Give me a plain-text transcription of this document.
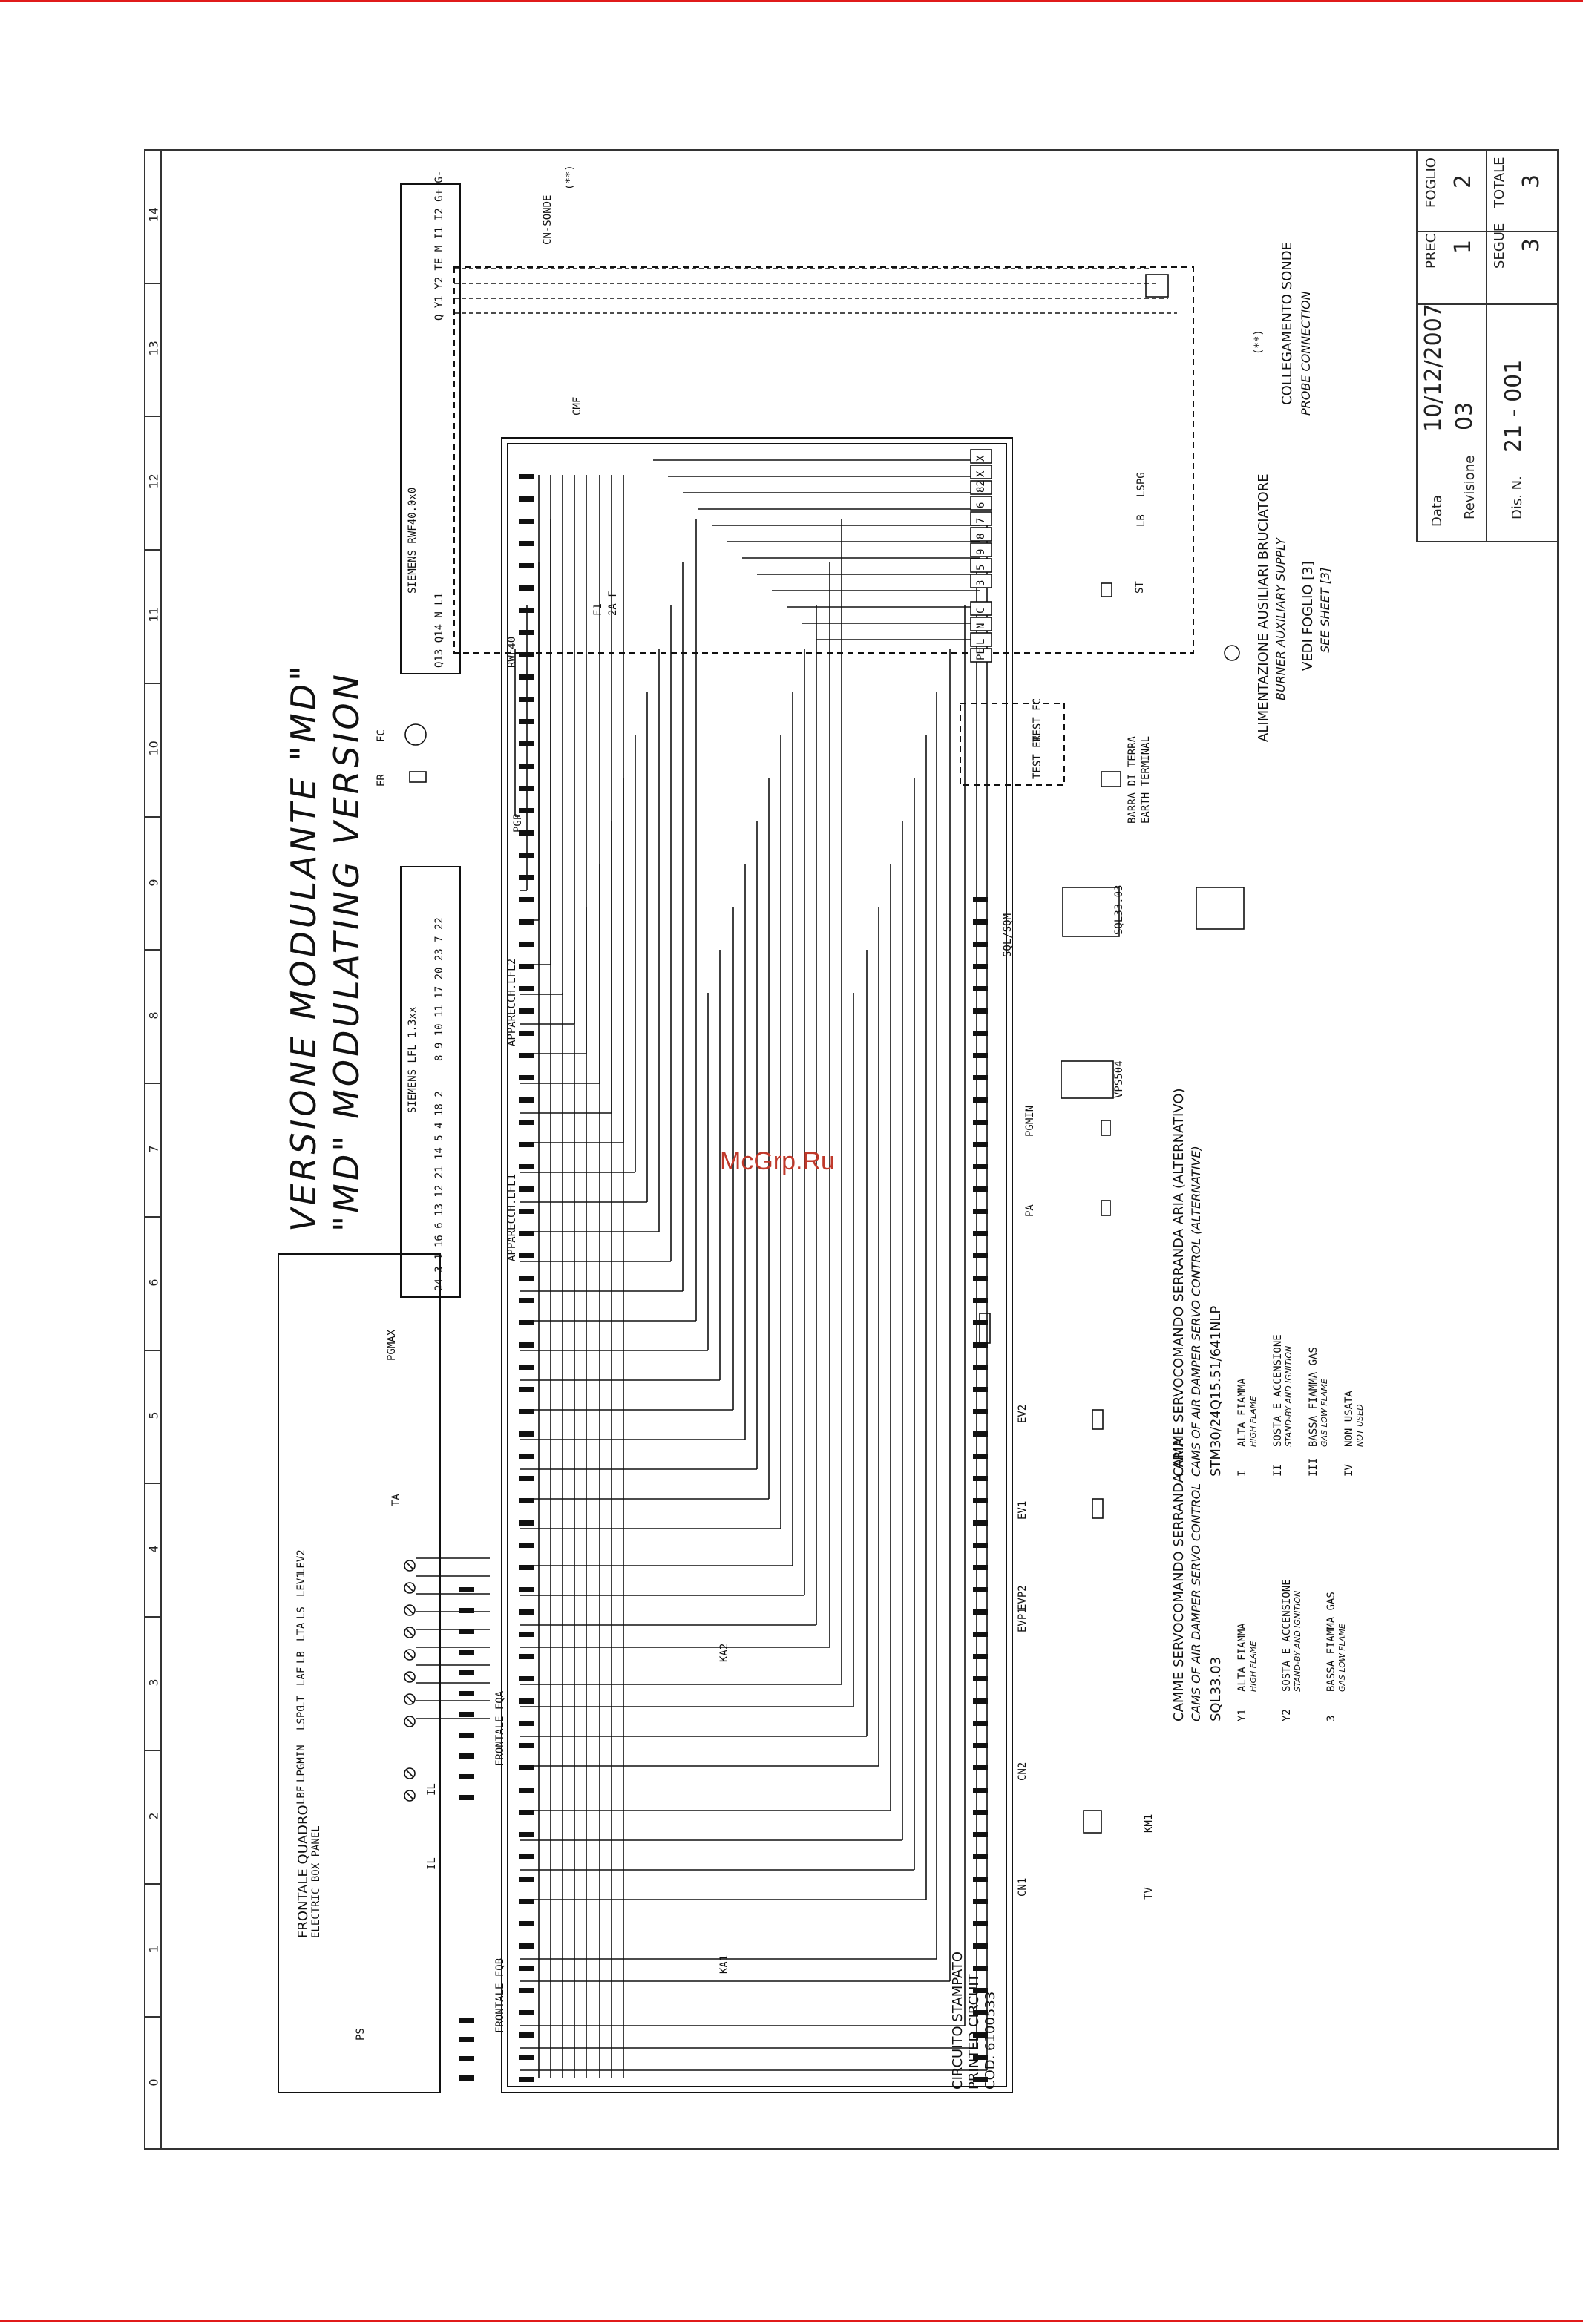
0
1
2
3
4
5
6
7
8
9
10
11
12
13
14
VERSIONE MODULANTE "MD" "MD" MODULATING VERSION
FRONTALE QUADRO ELECTRIC BOX PANEL
FRONTALE FQA
FRONTALE FQB	CIRCUITO STAMPATO PRINTED CIRCUIT COD. 6100533
SIEMENS RWF40.0x0
Q Y1 Y2 TE M I1 I2 G+ G-
Q13 Q14 N L1
SIEMENS LFL 1.3xx
24 3 1 16 6 13 12 21 14 5 4 18 2
8 9 10 11 17 20 23 7 22
APPARECCH.LFL1
APPARECCH.LFL2
RWF40
CN-SONDE
(**)
BARRA DI TERRA EARTH TERMINAL
TEST FC
TEST ER
LEV2
LEV1
LS
LTA
LB
LAF
LT
LSPG
LPGMIN
LBF
X
X
82
6
7
8
9
5
3
C
N
L
PE
PS
IL
IL
TA
PGMAX
ER
FC
PGP
KA1
KA2
EV1
EV2
EVP1
EVP2
CN1
CN2
KM1
TV
PA
PGMIN
VPS504
SQL33.03
SQL/SQM
ST
LSPG
LB
F1 2A F
CMF
CAMME SERVOCOMANDO SERRANDA ARIA CAMS OF AIR DAMPER SERVO CONTROL SQL33.03 Y1
ALTA FIAMMA HIGH FLAME
Y2
SOSTA E ACCENSIONE STAND-BY AND IGNITION
3
BASSA FIAMMA GAS GAS LOW FLAME
CAMME SERVOCOMANDO SERRANDA ARIA (ALTERNATIVO) CAMS OF AIR DAMPER SERVO CONTROL (ALTERNATIVE) STM30/24Q15.51/641NLP I
ALTA FIAMMA HIGH FLAME
II
SOSTA E ACCENSIONE STAND-BY AND IGNITION
III
BASSA FIAMMA GAS GAS LOW FLAME
IV
NON USATA NOT USED
ALIMENTAZIONE AUSILIARI BRUCIATORE BURNER AUXILIARY SUPPLY VEDI FOGLIO [3] SEE SHEET [3]
(**) COLLEGAMENTO SONDE PROBE CONNECTION
Data
10/12/2007
Revisione
03
Dis. N.
21 - 001
PREC. 1 SEGUE 3
FOGLIO 2 TOTALE 3
McGrp.Ru
